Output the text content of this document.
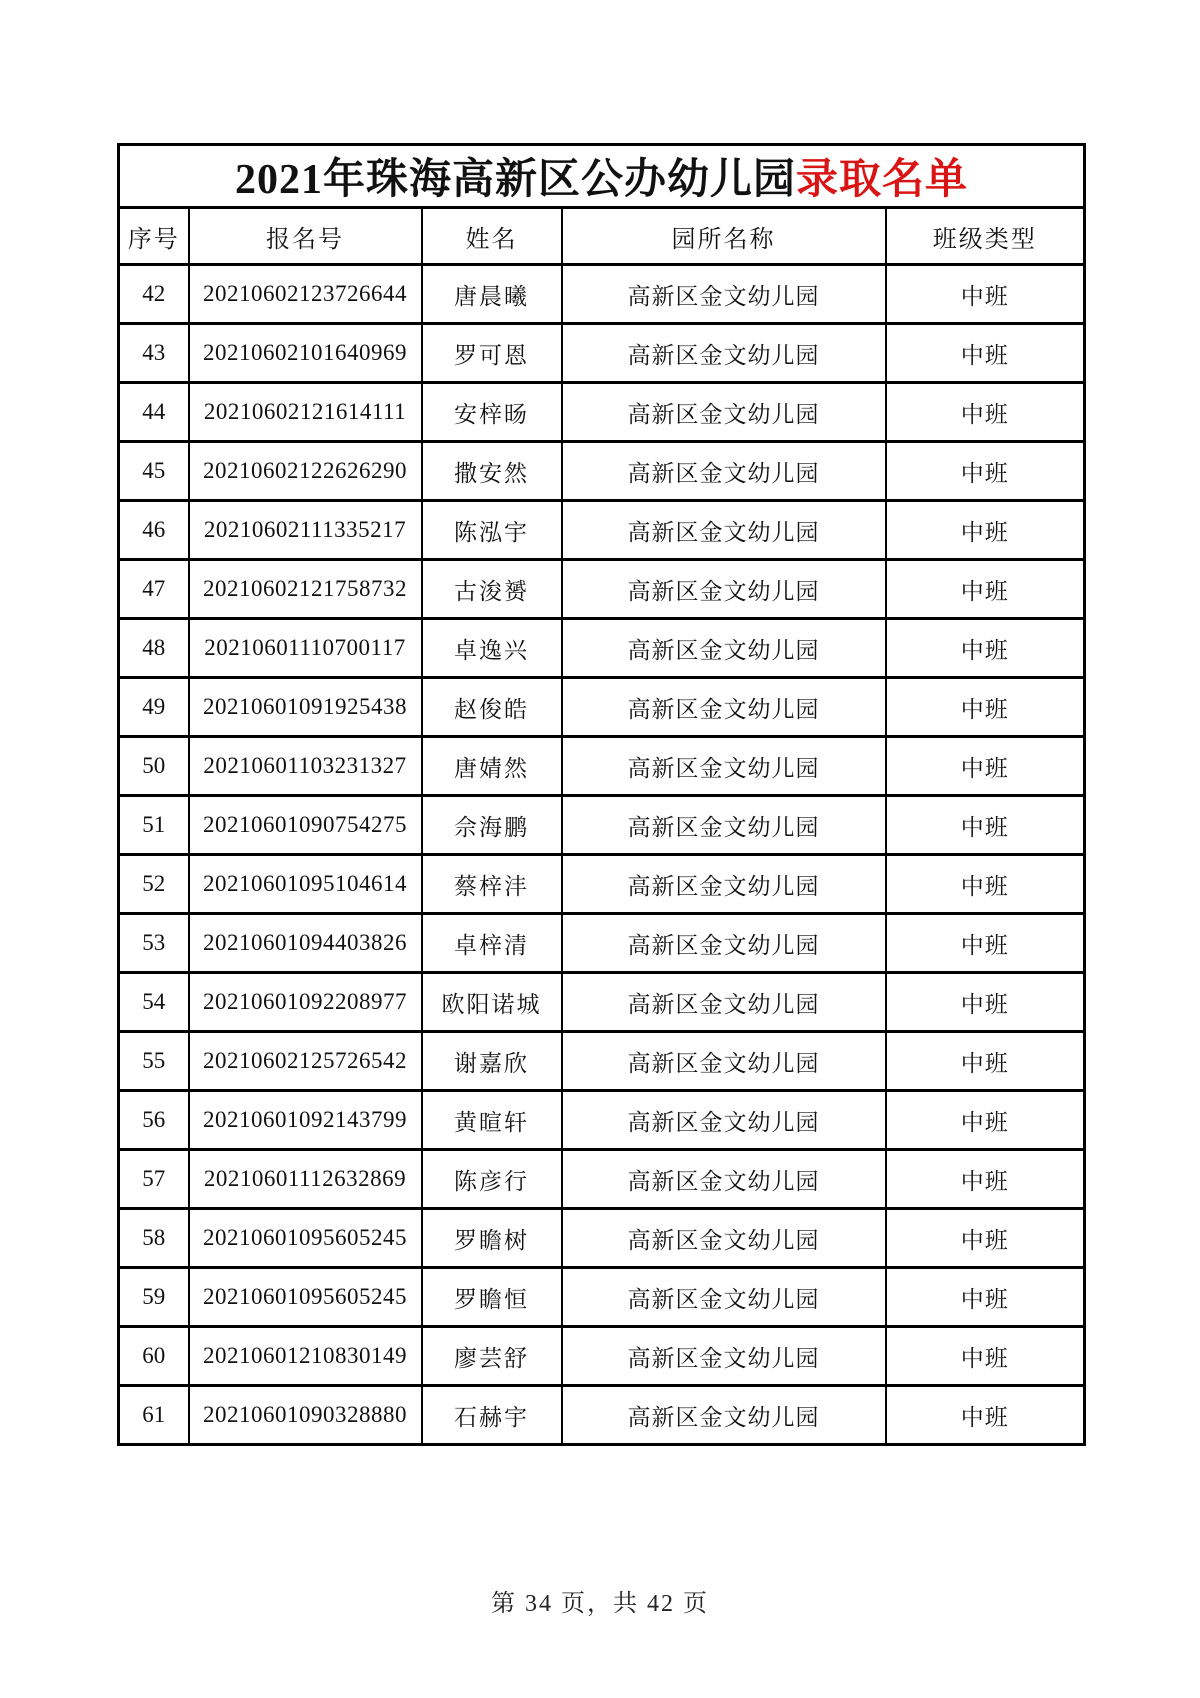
2021年珠海高新区公办幼儿园录取名单				
序号	报名号	姓名	园所名称	班级类型
42	20210602123726644	唐晨曦	高新区金文幼儿园	中班
43	20210602101640969	罗可恩	高新区金文幼儿园	中班
44	20210602121614111	安梓旸	高新区金文幼儿园	中班
45	20210602122626290	撒安然	高新区金文幼儿园	中班
46	20210602111335217	陈泓宇	高新区金文幼儿园	中班
47	20210602121758732	古浚赟	高新区金文幼儿园	中班
48	20210601110700117	卓逸兴	高新区金文幼儿园	中班
49	20210601091925438	赵俊皓	高新区金文幼儿园	中班
50	20210601103231327	唐婧然	高新区金文幼儿园	中班
51	20210601090754275	佘海鹏	高新区金文幼儿园	中班
52	20210601095104614	蔡梓沣	高新区金文幼儿园	中班
53	20210601094403826	卓梓清	高新区金文幼儿园	中班
54	20210601092208977	欧阳诺城	高新区金文幼儿园	中班
55	20210602125726542	谢嘉欣	高新区金文幼儿园	中班
56	20210601092143799	黄暄轩	高新区金文幼儿园	中班
57	20210601112632869	陈彦行	高新区金文幼儿园	中班
58	20210601095605245	罗瞻树	高新区金文幼儿园	中班
59	20210601095605245	罗瞻恒	高新区金文幼儿园	中班
60	20210601210830149	廖芸舒	高新区金文幼儿园	中班
61	20210601090328880	石赫宇	高新区金文幼儿园	中班
第 34 页，共 42 页
